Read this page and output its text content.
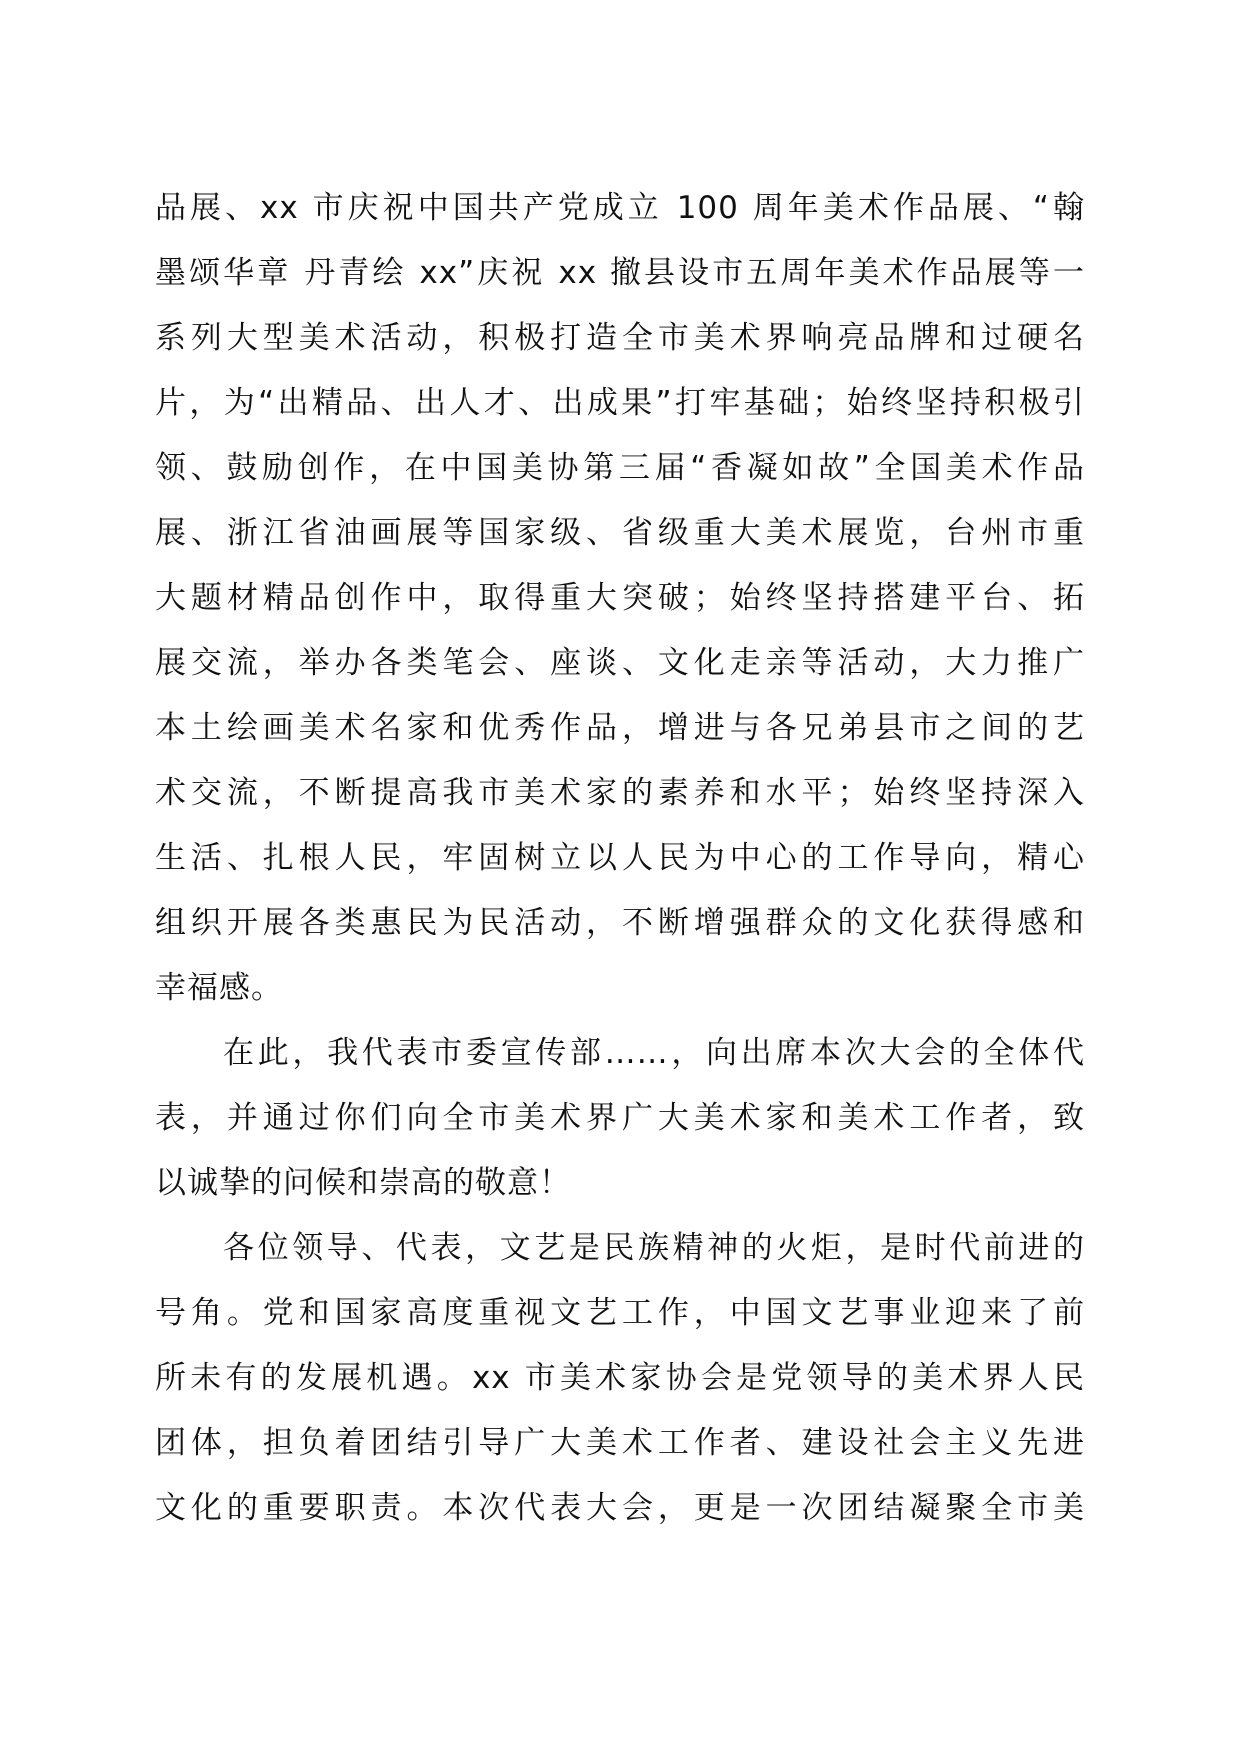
品展、xx 市庆祝中国共产党成立 100 周年美术作品展、“翰
墨颂华章 丹青绘 xx”庆祝 xx 撤县设市五周年美术作品展等一
系列大型美术活动，积极打造全市美术界响亮品牌和过硬名
片，为“出精品、出人才、出成果”打牢基础；始终坚持积极引
领、鼓励创作，在中国美协第三届“香凝如故”全国美术作品
展、浙江省油画展等国家级、省级重大美术展览，台州市重
大题材精品创作中，取得重大突破；始终坚持搭建平台、拓
展交流，举办各类笔会、座谈、文化走亲等活动，大力推广
本土绘画美术名家和优秀作品，增进与各兄弟县市之间的艺
术交流，不断提高我市美术家的素养和水平；始终坚持深入
生活、扎根人民，牢固树立以人民为中心的工作导向，精心
组织开展各类惠民为民活动，不断增强群众的文化获得感和
幸福感。
在此，我代表市委宣传部……，向出席本次大会的全体代
表，并通过你们向全市美术界广大美术家和美术工作者，致
以诚挚的问候和崇高的敬意！
各位领导、代表，文艺是民族精神的火炬，是时代前进的
号角。党和国家高度重视文艺工作，中国文艺事业迎来了前
所未有的发展机遇。xx 市美术家协会是党领导的美术界人民
团体，担负着团结引导广大美术工作者、建设社会主义先进
文化的重要职责。本次代表大会，更是一次团结凝聚全市美
